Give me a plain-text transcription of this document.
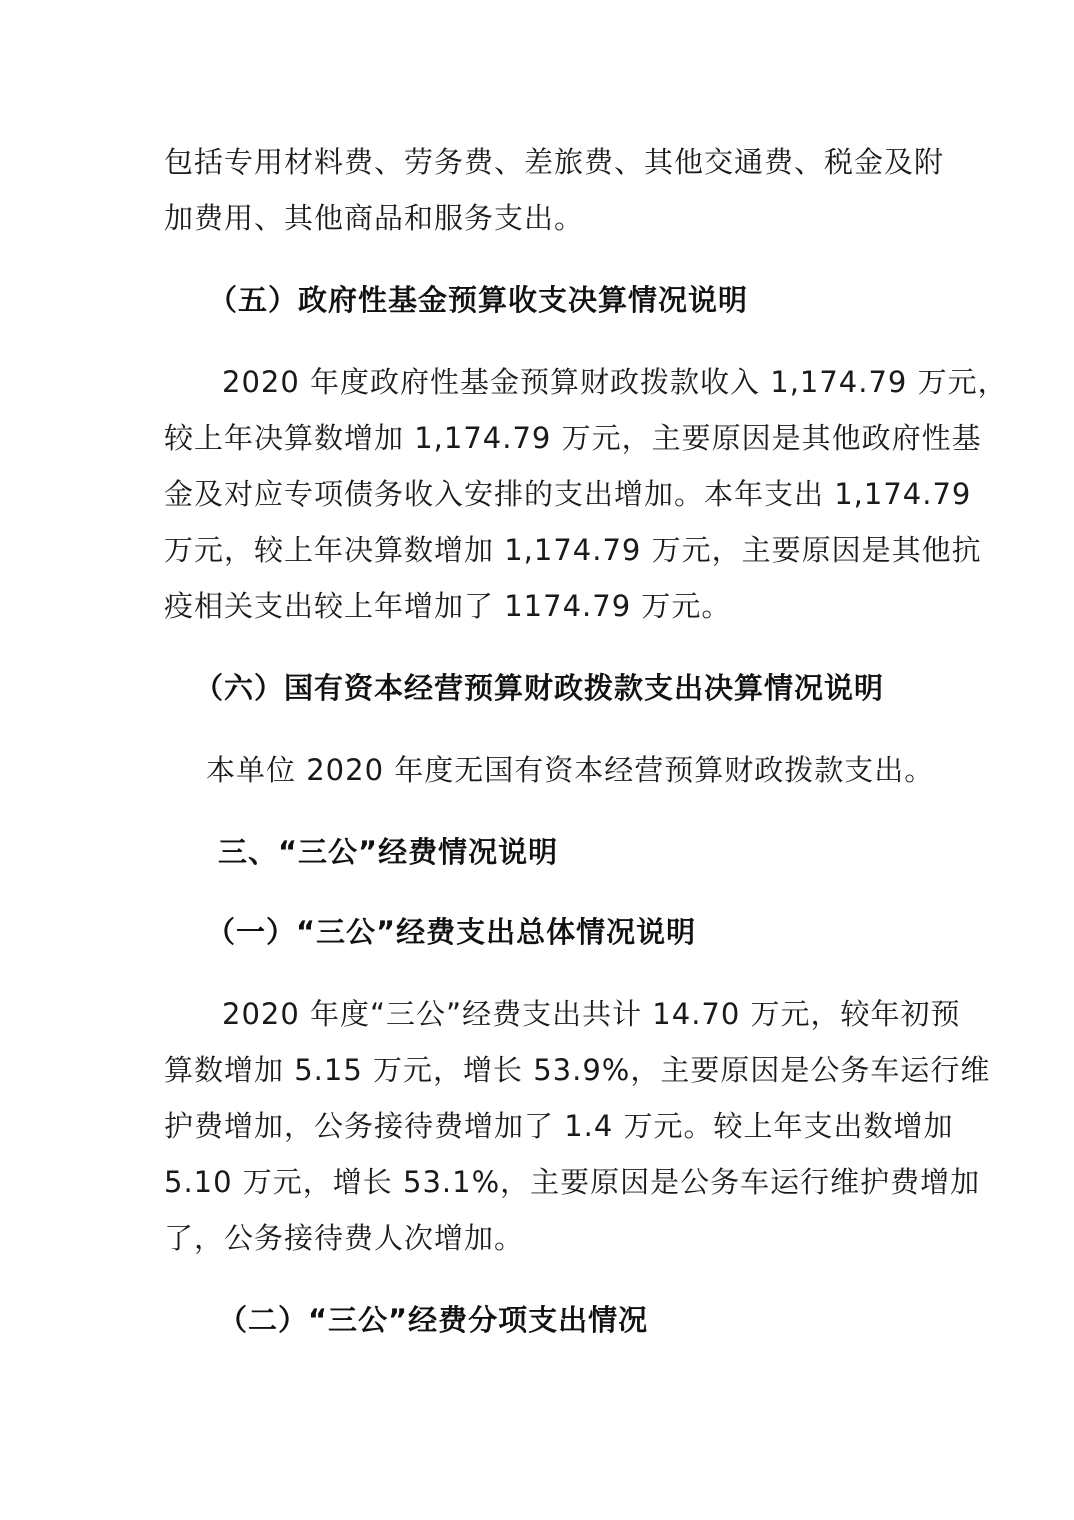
包括专用材料费、劳务费、差旅费、其他交通费、税金及附
加费用、其他商品和服务支出。
（五）政府性基金预算收支决算情况说明
2020 年度政府性基金预算财政拨款收入 1,174.79 万元，
较上年决算数增加 1,174.79 万元，主要原因是其他政府性基
金及对应专项债务收入安排的支出增加。本年支出 1,174.79
万元，较上年决算数增加 1,174.79 万元，主要原因是其他抗
疫相关支出较上年增加了 1174.79 万元。
（六）国有资本经营预算财政拨款支出决算情况说明
本单位 2020 年度无国有资本经营预算财政拨款支出。
三、“三公”经费情况说明
（一）“三公”经费支出总体情况说明
2020 年度“三公”经费支出共计 14.70 万元，较年初预
算数增加 5.15 万元，增长 53.9%，主要原因是公务车运行维
护费增加，公务接待费增加了 1.4 万元。较上年支出数增加
5.10 万元，增长 53.1%，主要原因是公务车运行维护费增加
了，公务接待费人次增加。
（二）“三公”经费分项支出情况
